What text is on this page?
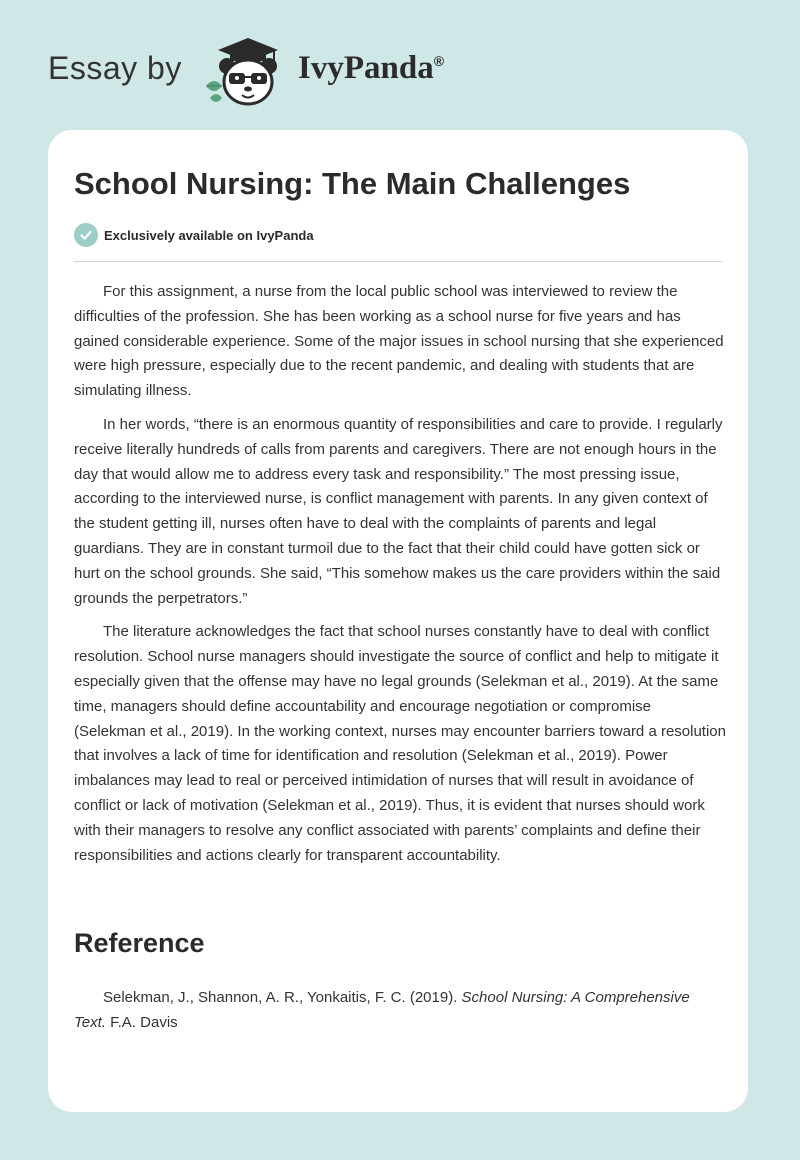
Essay by	IvyPanda®
School Nursing: The Main Challenges
Exclusively available on IvyPanda

For this assignment, a nurse from the local public school was interviewed to review the difficulties of the profession. She has been working as a school nurse for five years and has gained considerable experience. Some of the major issues in school nursing that she experienced were high pressure, especially due to the recent pandemic, and dealing with students that are simulating illness.

In her words, “there is an enormous quantity of responsibilities and care to provide. I regularly receive literally hundreds of calls from parents and caregivers. There are not enough hours in the day that would allow me to address every task and responsibility.” The most pressing issue, according to the interviewed nurse, is conflict management with parents. In any given context of the student getting ill, nurses often have to deal with the complaints of parents and legal guardians. They are in constant turmoil due to the fact that their child could have gotten sick or hurt on the school grounds. She said, “This somehow makes us the care providers within the said grounds the perpetrators.”

The literature acknowledges the fact that school nurses constantly have to deal with conflict resolution. School nurse managers should investigate the source of conflict and help to mitigate it especially given that the offense may have no legal grounds (Selekman et al., 2019). At the same time, managers should define accountability and encourage negotiation or compromise (Selekman et al., 2019). In the working context, nurses may encounter barriers toward a resolution that involves a lack of time for identification and resolution (Selekman et al., 2019). Power imbalances may lead to real or perceived intimidation of nurses that will result in avoidance of conflict or lack of motivation (Selekman et al., 2019). Thus, it is evident that nurses should work with their managers to resolve any conflict associated with parents’ complaints and define their responsibilities and actions clearly for transparent accountability.

Reference

Selekman, J., Shannon, A. R., Yonkaitis, F. C. (2019). School Nursing: A Comprehensive Text. F.A. Davis
